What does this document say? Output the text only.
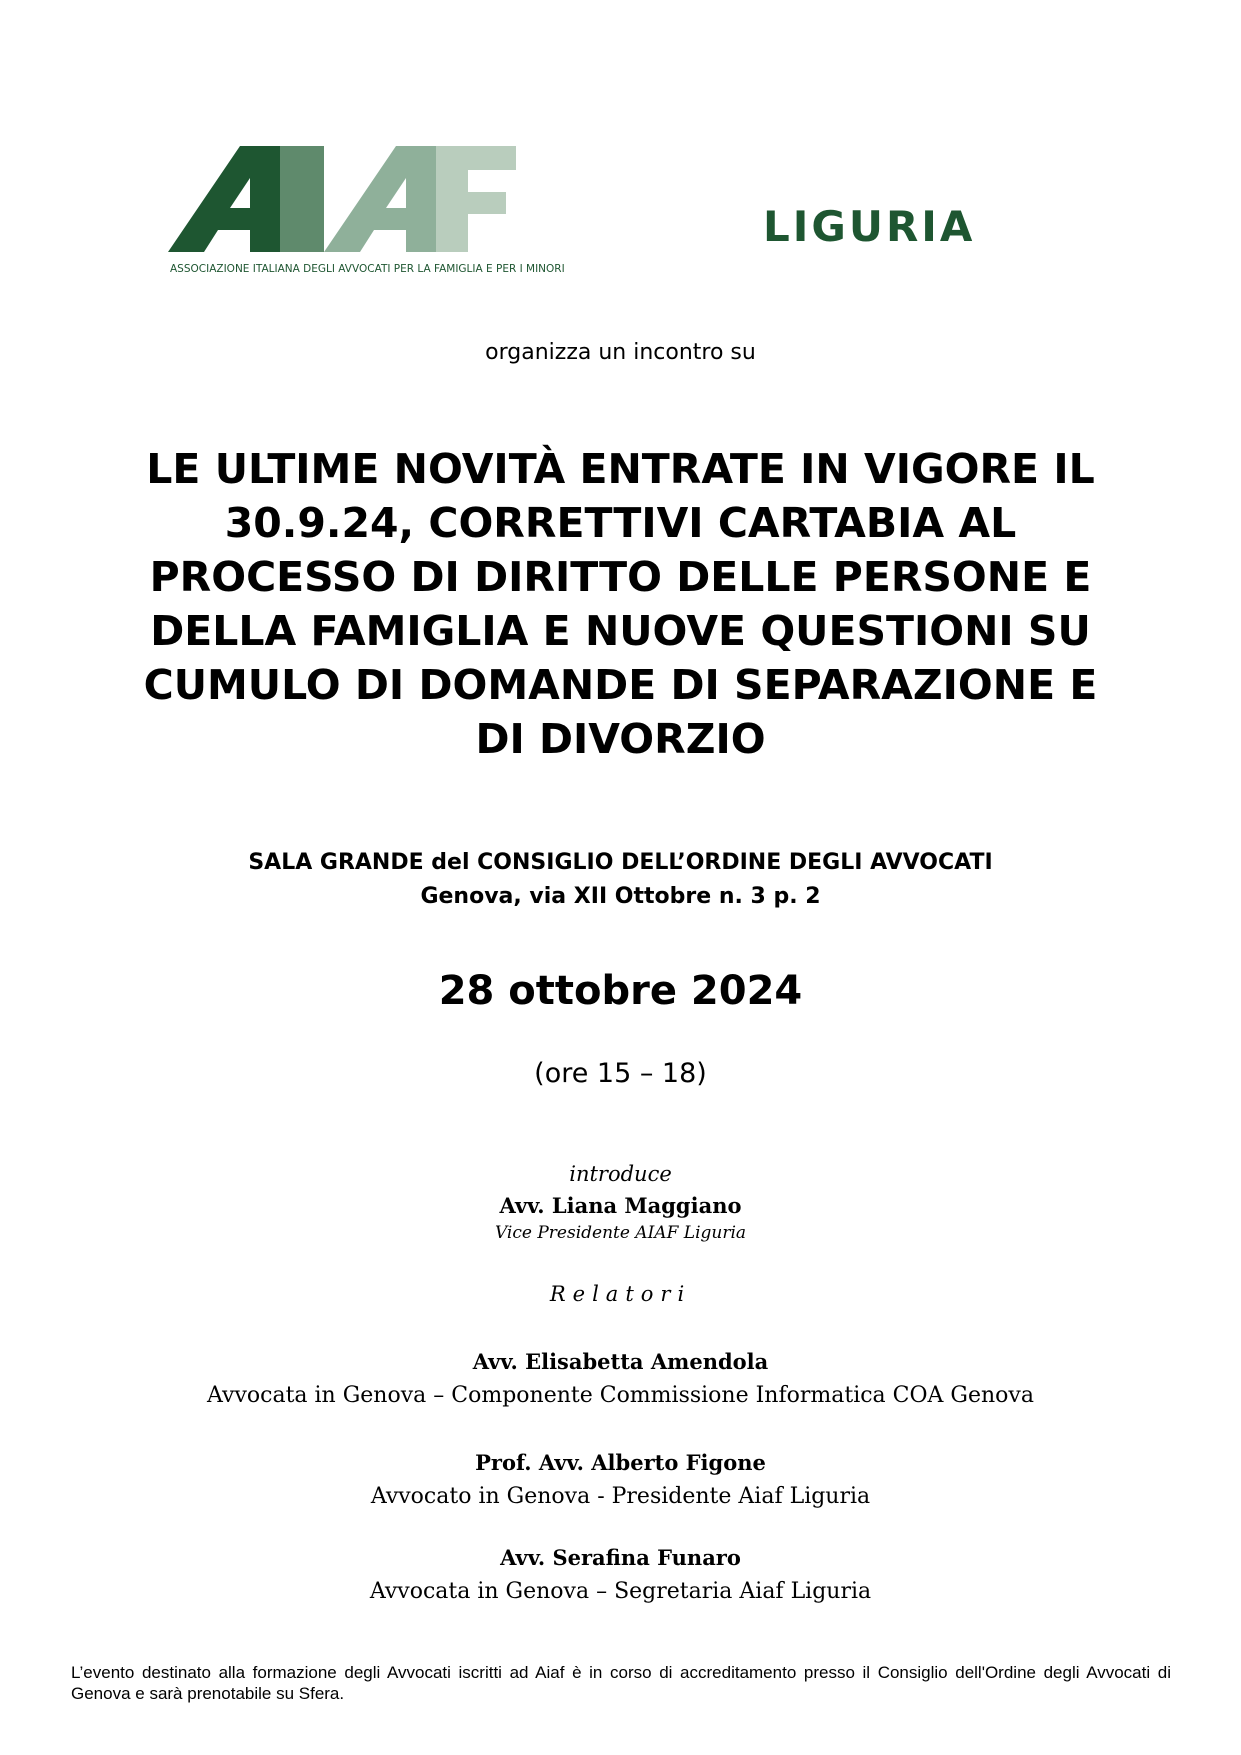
ASSOCIAZIONE ITALIANA DEGLI AVVOCATI PER LA FAMIGLIA E PER I MINORI
LIGURIA
organizza un incontro su
LE ULTIME NOVITÀ ENTRATE IN VIGORE IL
30.9.24, CORRETTIVI CARTABIA AL
PROCESSO DI DIRITTO DELLE PERSONE E
DELLA FAMIGLIA E NUOVE QUESTIONI SU
CUMULO DI DOMANDE DI SEPARAZIONE E
DI DIVORZIO
SALA GRANDE del CONSIGLIO DELL’ORDINE DEGLI AVVOCATI
Genova, via XII Ottobre n. 3 p. 2
28 ottobre 2024
(ore 15 – 18)
introduce
Avv. Liana Maggiano
Vice Presidente AIAF Liguria
Relatori
Avv. Elisabetta Amendola
Avvocata in Genova – Componente Commissione Informatica COA Genova
Prof. Avv. Alberto Figone
Avvocato in Genova - Presidente Aiaf Liguria
Avv. Serafina Funaro
Avvocata in Genova – Segretaria Aiaf Liguria
L’evento destinato alla formazione degli Avvocati iscritti ad Aiaf è in corso di accreditamento presso il Consiglio dell'Ordine degli Avvocati di Genova e sarà prenotabile su Sfera.
